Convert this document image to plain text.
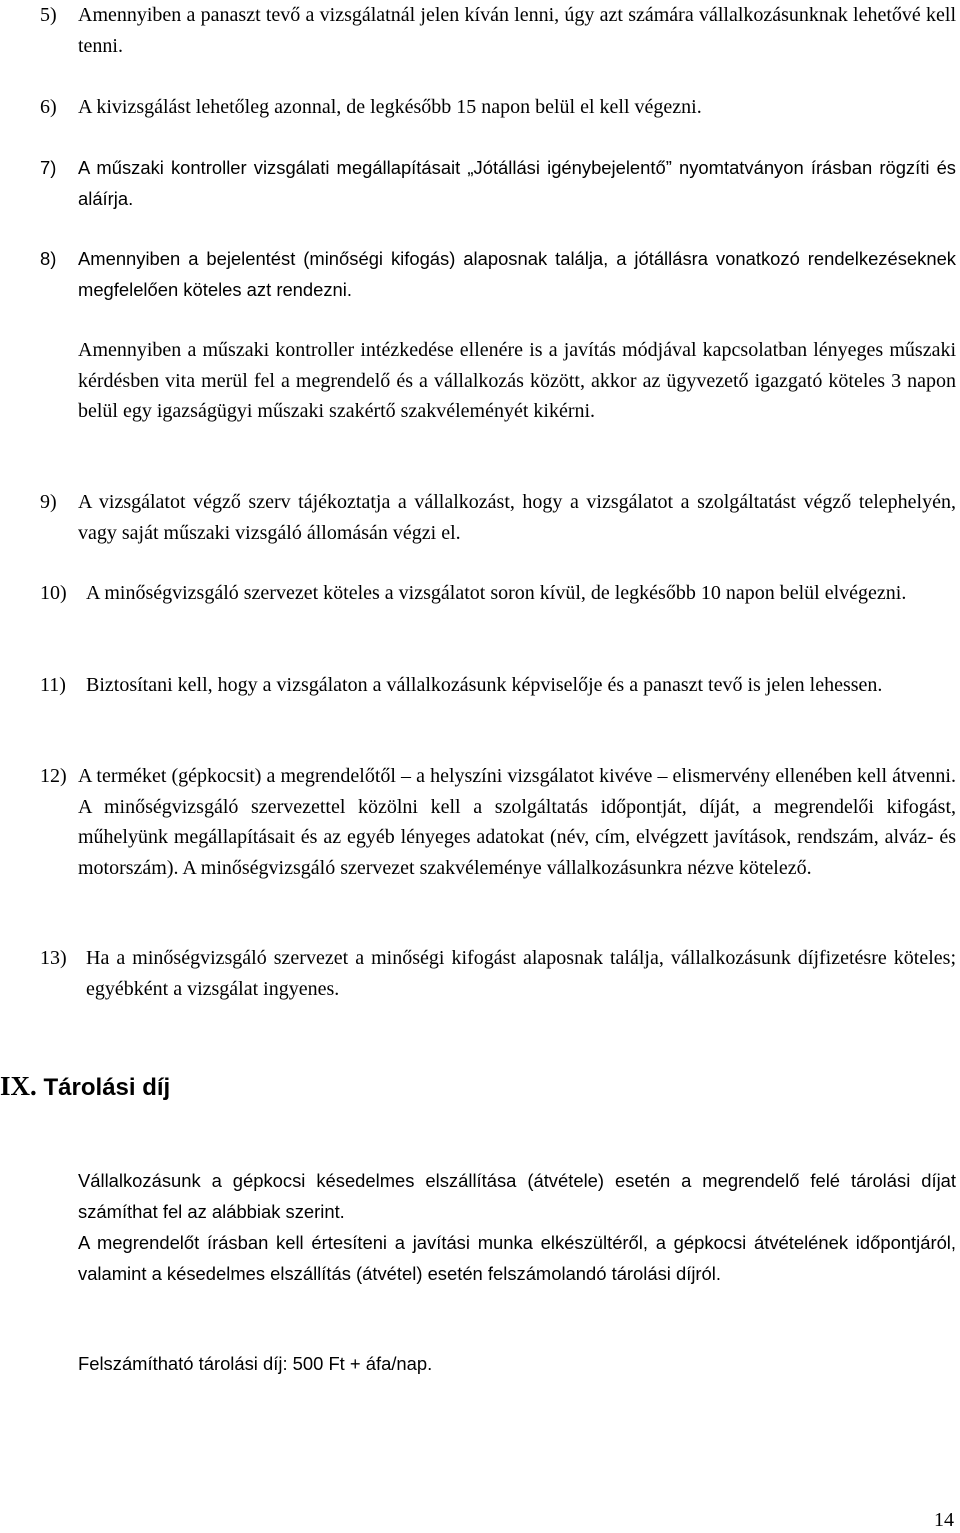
5) Amennyiben a panaszt tevő a vizsgálatnál jelen kíván lenni, úgy azt számára vállalkozásunknak lehetővé kell tenni.
6) A kivizsgálást lehetőleg azonnal, de legkésőbb 15 napon belül el kell végezni.
7) A műszaki kontroller vizsgálati megállapításait „Jótállási igénybejelentő” nyomtatványon írásban rögzíti és aláírja.
8) Amennyiben a bejelentést (minőségi kifogás) alaposnak találja, a jótállásra vonatkozó rendelkezéseknek megfelelően köteles azt rendezni.
Amennyiben a műszaki kontroller intézkedése ellenére is a javítás módjával kapcsolatban lényeges műszaki kérdésben vita merül fel a megrendelő és a vállalkozás között, akkor az ügyvezető igazgató köteles 3 napon belül egy igazságügyi műszaki szakértő szakvéleményét kikérni.
9) A vizsgálatot végző szerv tájékoztatja a vállalkozást, hogy a vizsgálatot a szolgáltatást végző telephelyén, vagy saját műszaki vizsgáló állomásán végzi el.
10) A minőségvizsgáló szervezet köteles a vizsgálatot soron kívül, de legkésőbb 10 napon belül elvégezni.
11) Biztosítani kell, hogy a vizsgálaton a vállalkozásunk képviselője és a panaszt tevő is jelen lehessen.
12) A terméket (gépkocsit) a megrendelőtől – a helyszíni vizsgálatot kivéve – elismervény ellenében kell átvenni. A minőségvizsgáló szervezettel közölni kell a szolgáltatás időpontját, díját, a megrendelői kifogást, műhelyünk megállapításait és az egyéb lényeges adatokat (név, cím, elvégzett javítások, rendszám, alváz- és motorszám). A minőségvizsgáló szervezet szakvéleménye vállalkozásunkra nézve kötelező.
13) Ha a minőségvizsgáló szervezet a minőségi kifogást alaposnak találja, vállalkozásunk díjfizetésre köteles; egyébként a vizsgálat ingyenes.
IX. Tárolási díj
Vállalkozásunk a gépkocsi késedelmes elszállítása (átvétele) esetén a megrendelő felé tárolási díjat számíthat fel az alábbiak szerint.
A megrendelőt írásban kell értesíteni a javítási munka elkészültéről, a gépkocsi átvételének időpontjáról, valamint a késedelmes elszállítás (átvétel) esetén felszámolandó tárolási díjról.
Felszámítható tárolási díj: 500 Ft + áfa/nap.
14
